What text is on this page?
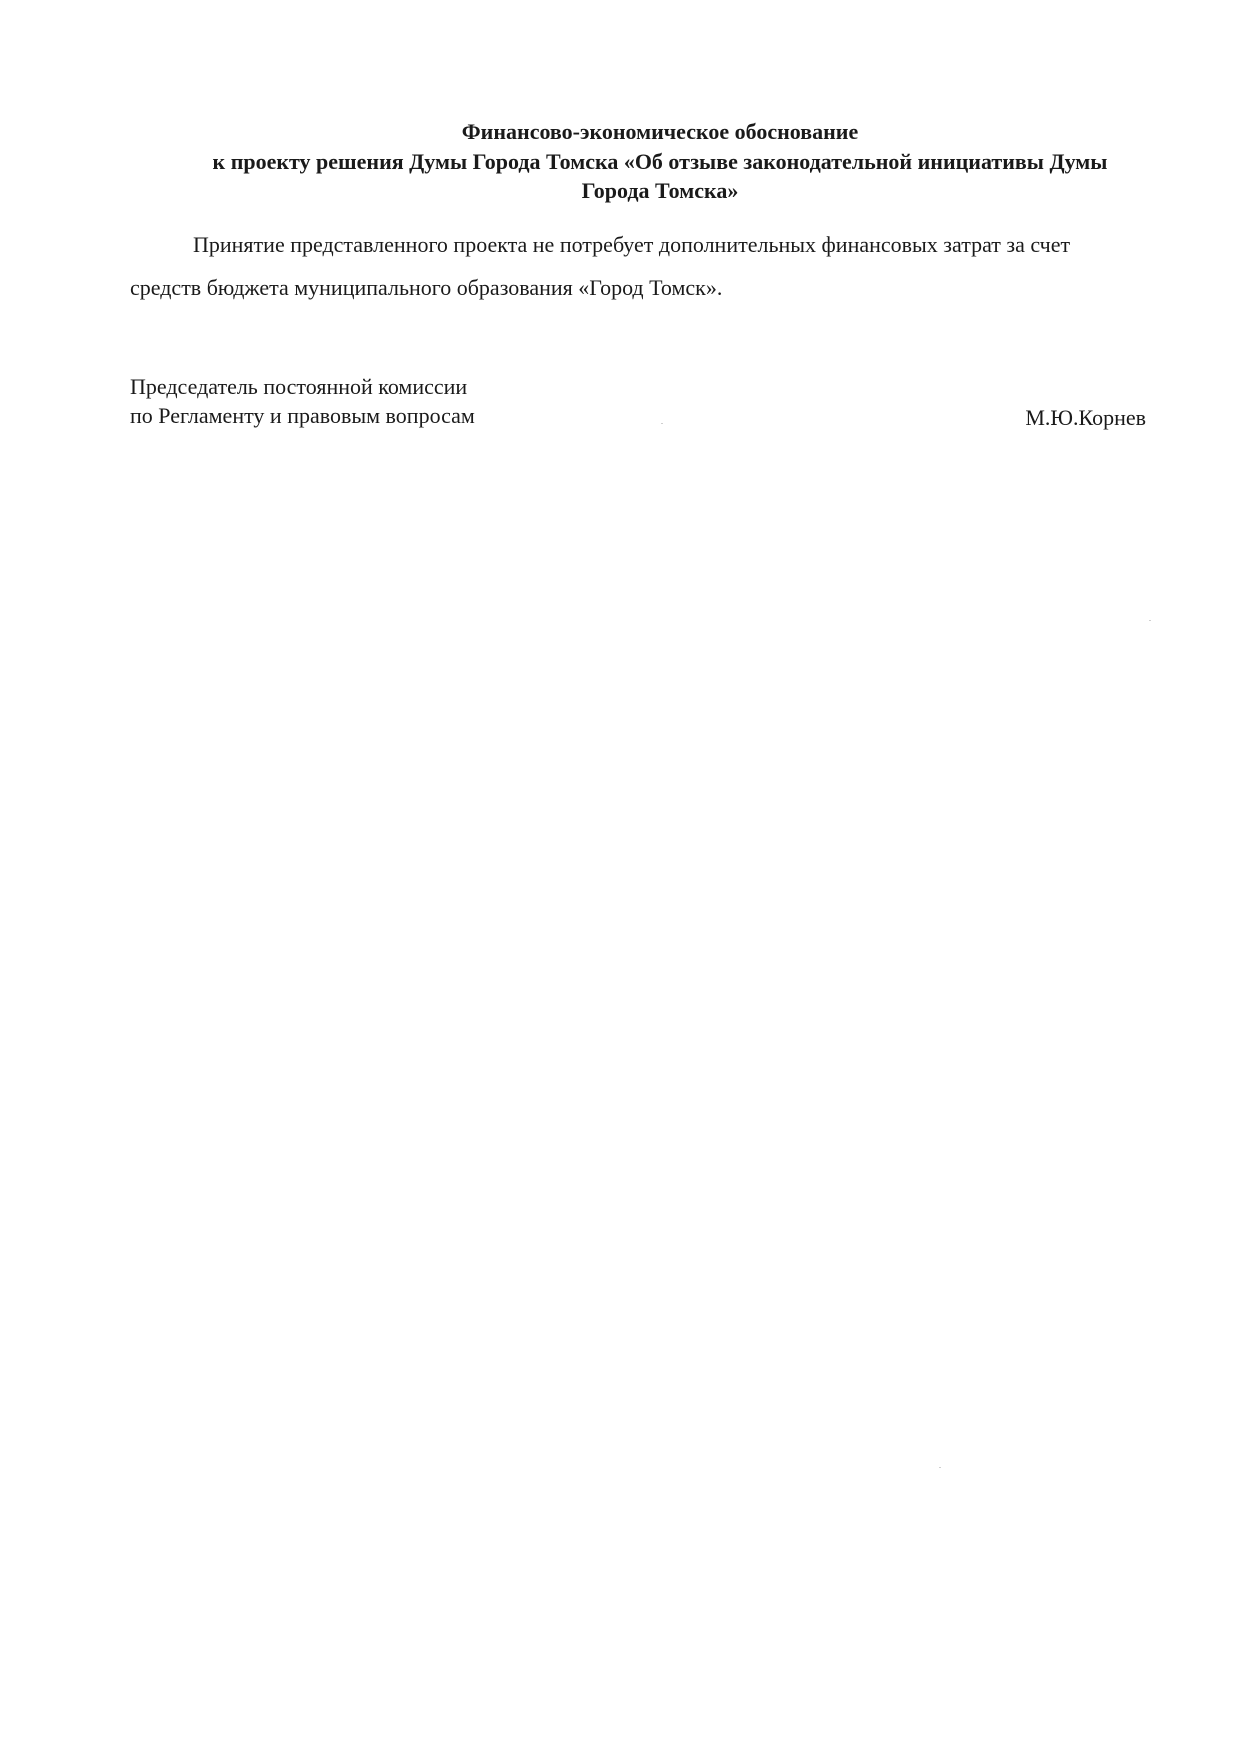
Финансово-экономическое обоснование
к проекту решения Думы Города Томска «Об отзыве законодательной инициативы Думы
Города Томска»
Принятие представленного проекта не потребует дополнительных финансовых затрат за счет
средств бюджета муниципального образования «Город Томск».
Председатель постоянной комиссии
по Регламенту и правовым вопросам	М.Ю.Корнев
